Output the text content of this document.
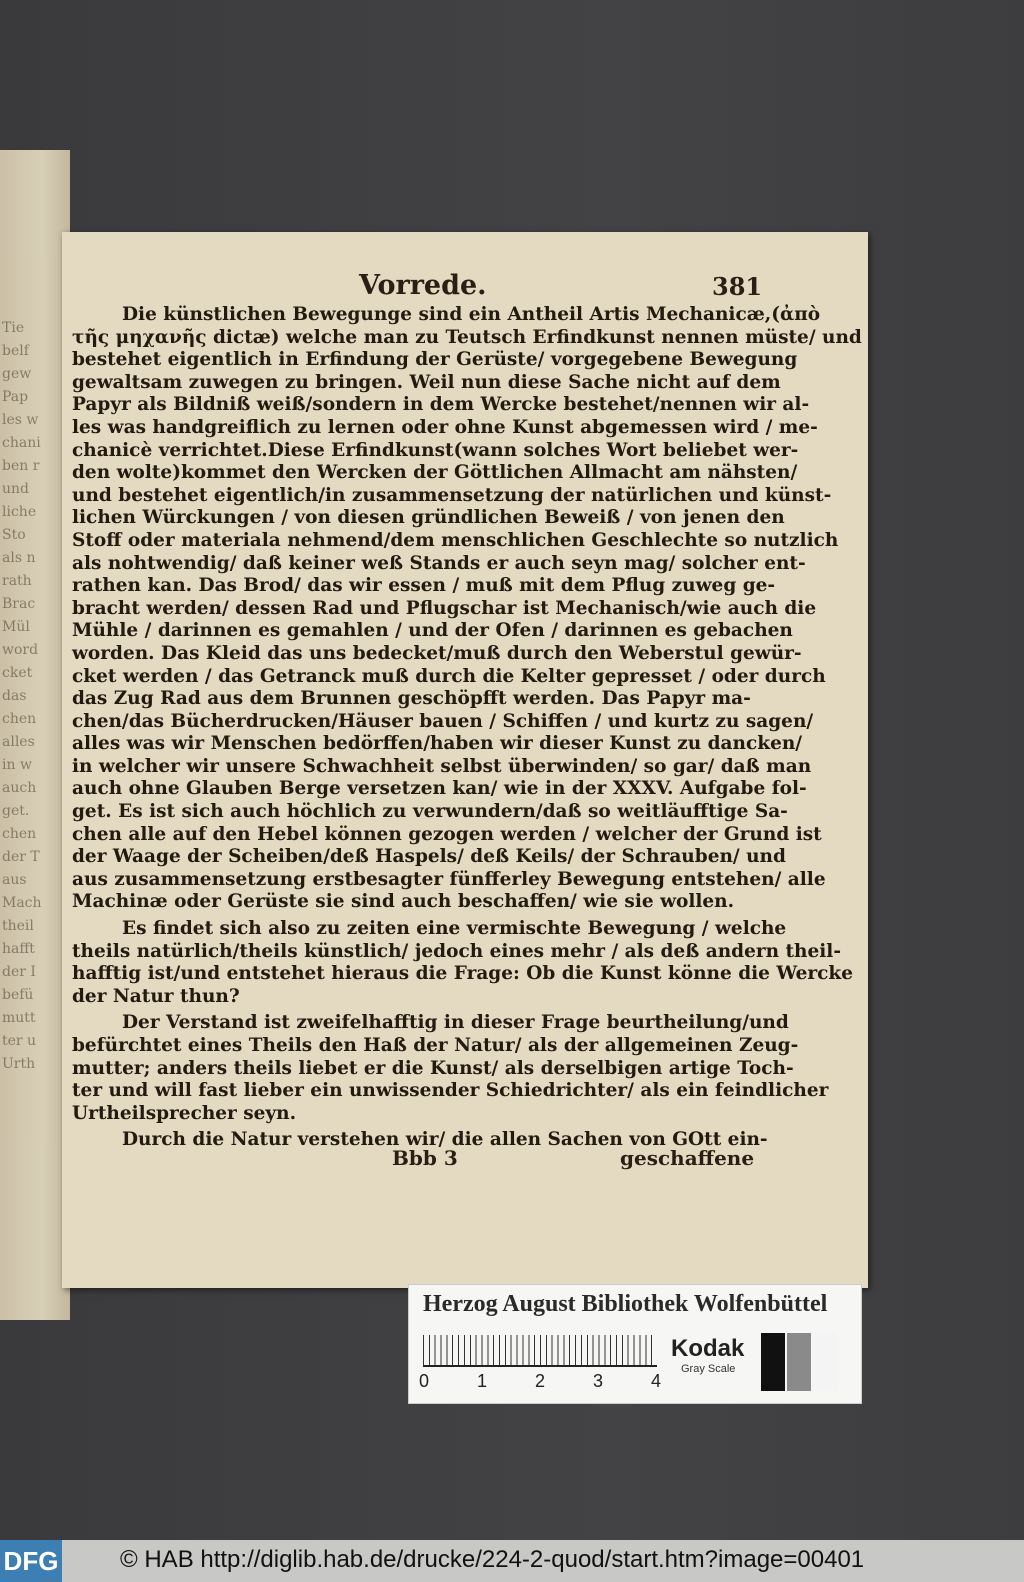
Tie
belf
gew
Pap
les w
chani
ben r
und
liche
Sto
als n
rath
Brac
Mül
word
cket
das
chen
alles
in w
auch
get.
chen
der T
aus
Mach
theil
hafft
der I
befü
mutt
ter u
Urth
Vorrede.	381
Die künstlichen Bewegunge sind ein Antheil Artis Mechanicæ,(ἀπὸ
τῆς μηχανῆς dictæ) welche man zu Teutsch Erfindkunst nennen müste/ und
bestehet eigentlich in Erfindung der Gerüste/ vorgegebene Bewegung
gewaltsam zuwegen zu bringen. Weil nun diese Sache nicht auf dem
Papyr als Bildniß weiß/sondern in dem Wercke bestehet/nennen wir al-
les was handgreiflich zu lernen oder ohne Kunst abgemessen wird / me-
chanicè verrichtet.Diese Erfindkunst(wann solches Wort beliebet wer-
den wolte)kommet den Wercken der Göttlichen Allmacht am nähsten/
und bestehet eigentlich/in zusammensetzung der natürlichen und künst-
lichen Würckungen / von diesen gründlichen Beweiß / von jenen den
Stoff oder materiala nehmend/dem menschlichen Geschlechte so nutzlich
als nohtwendig/ daß keiner weß Stands er auch seyn mag/ solcher ent-
rathen kan. Das Brod/ das wir essen / muß mit dem Pflug zuweg ge-
bracht werden/ dessen Rad und Pflugschar ist Mechanisch/wie auch die
Mühle / darinnen es gemahlen / und der Ofen / darinnen es gebachen
worden. Das Kleid das uns bedecket/muß durch den Weberstul gewür-
cket werden / das Getranck muß durch die Kelter gepresset / oder durch
das Zug Rad aus dem Brunnen geschöpfft werden. Das Papyr ma-
chen/das Bücherdrucken/Häuser bauen / Schiffen / und kurtz zu sagen/
alles was wir Menschen bedörffen/haben wir dieser Kunst zu dancken/
in welcher wir unsere Schwachheit selbst überwinden/ so gar/ daß man
auch ohne Glauben Berge versetzen kan/ wie in der XXXV. Aufgabe fol-
get. Es ist sich auch höchlich zu verwundern/daß so weitläufftige Sa-
chen alle auf den Hebel können gezogen werden / welcher der Grund ist
der Waage der Scheiben/deß Haspels/ deß Keils/ der Schrauben/ und
aus zusammensetzung erstbesagter fünfferley Bewegung entstehen/ alle
Machinæ oder Gerüste sie sind auch beschaffen/ wie sie wollen.
Es findet sich also zu zeiten eine vermischte Bewegung / welche
theils natürlich/theils künstlich/ jedoch eines mehr / als deß andern theil-
hafftig ist/und entstehet hieraus die Frage: Ob die Kunst könne die Wercke
der Natur thun?
Der Verstand ist zweifelhafftig in dieser Frage beurtheilung/und
befürchtet eines Theils den Haß der Natur/ als der allgemeinen Zeug-
mutter; anders theils liebet er die Kunst/ als derselbigen artige Toch-
ter und will fast lieber ein unwissender Schiedrichter/ als ein feindlicher
Urtheilsprecher seyn.
Durch die Natur verstehen wir/ die allen Sachen von GOtt ein-
Bbb 3	geschaffene
Herzog August Bibliothek Wolfenbüttel
0	1	2	3	4
Kodak
Gray Scale
DFG	© HAB http://diglib.hab.de/drucke/224-2-quod/start.htm?image=00401
